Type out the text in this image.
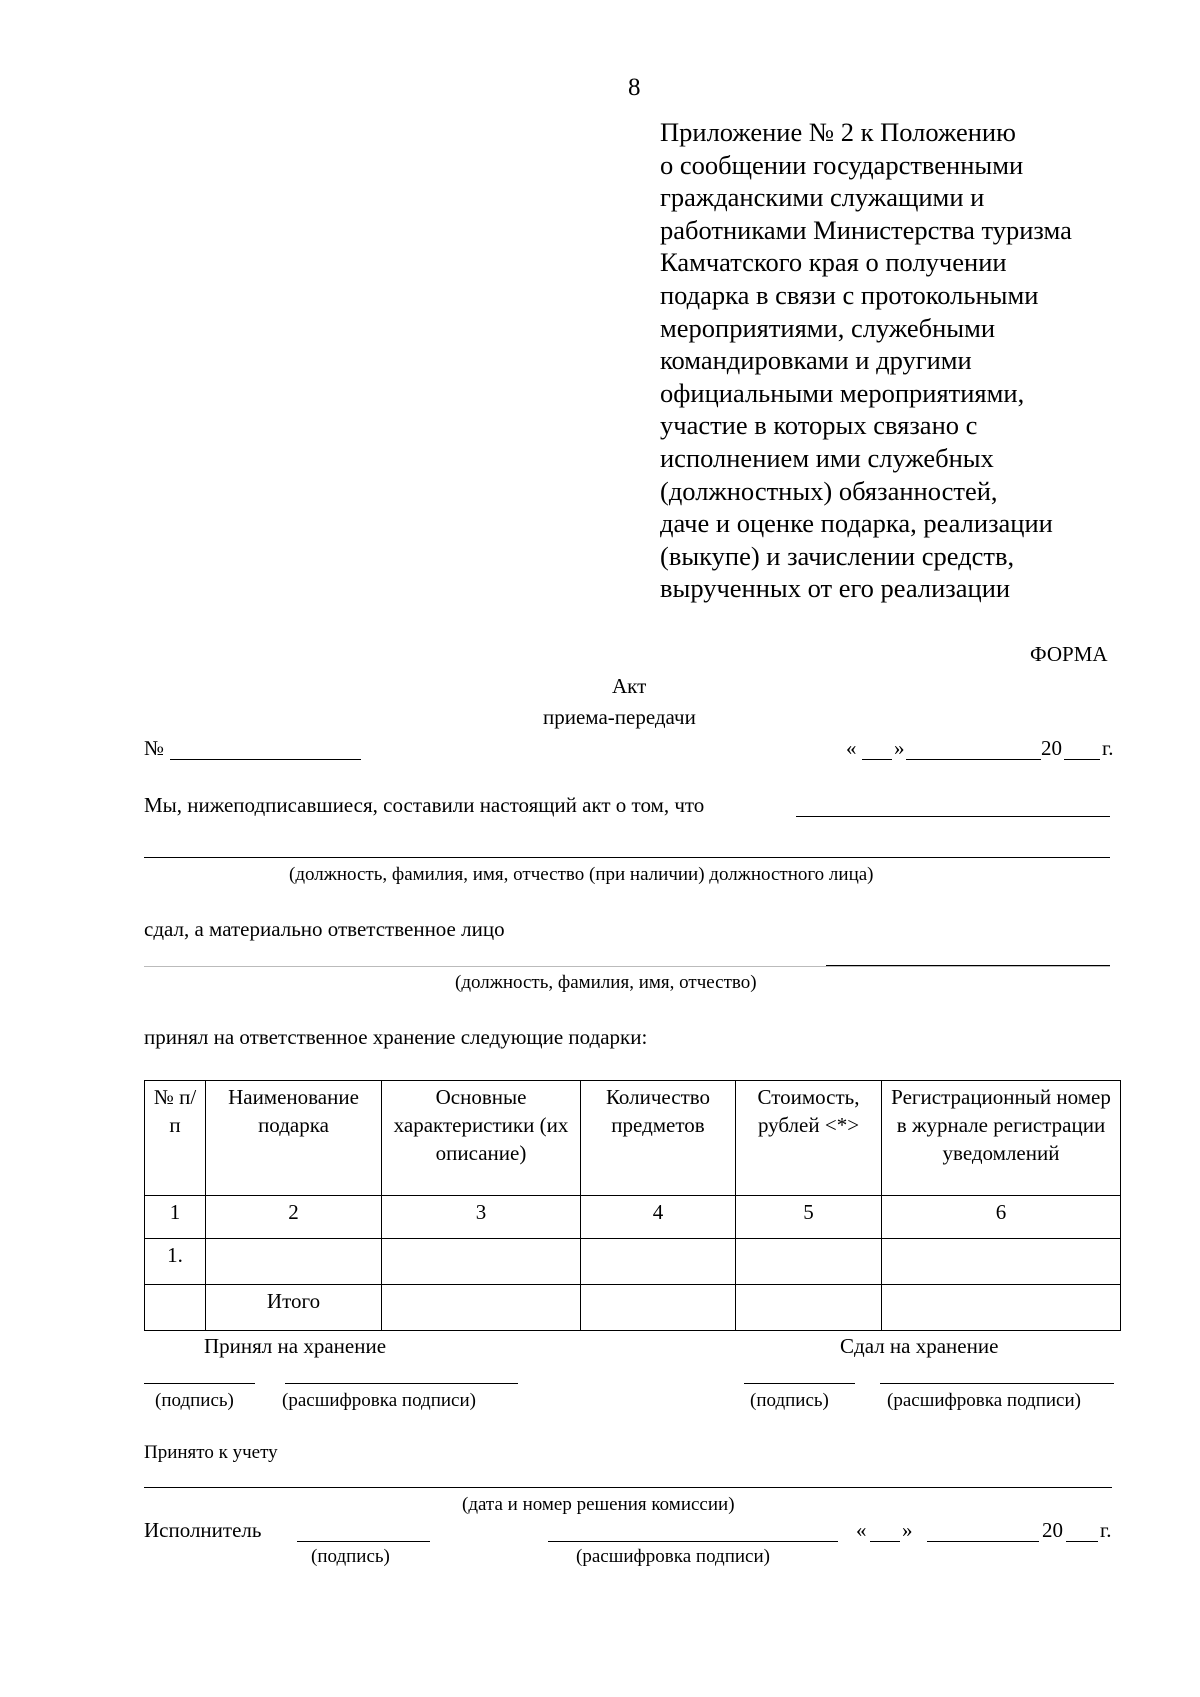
8
Приложение № 2 к Положению
о сообщении государственными
гражданскими служащими и
работниками Министерства туризма
Камчатского края о получении
подарка в связи с протокольными
мероприятиями, служебными
командировками и другими
официальными мероприятиями,
участие в которых связано с
исполнением ими служебных
(должностных) обязанностей,
даче и оценке подарка, реализации
(выкупе) и зачислении средств,
вырученных от его реализации
ФОРМА
Акт
приема-передачи
№	« »	20 г.
Мы, нижеподписавшиеся, составили настоящий акт о том, что
(должность, фамилия, имя, отчество (при наличии) должностного лица)
сдал, а материально ответственное лицо
(должность, фамилия, имя, отчество)
принял на ответственное хранение следующие подарки:
№ п/п	Наименование подарка	Основные характеристики (их описание)	Количество предметов	Стоимость, рублей <*>	Регистрационный номер в журнале регистрации уведомлений
1	2	3	4	5	6
1.					
	Итого				
Принял на хранение	Сдал на хранение
(подпись)	(расшифровка подписи)	(подпись)	(расшифровка подписи)
Принято к учету
(дата и номер решения комиссии)
Исполнитель	« »	20 г.
(подпись)	(расшифровка подписи)
